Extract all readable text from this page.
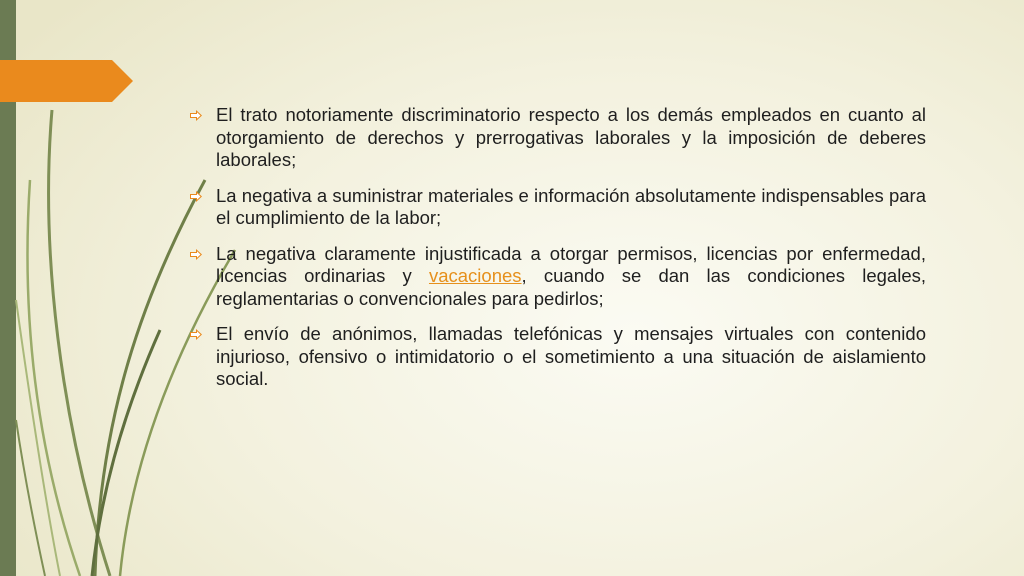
El trato notoriamente discriminatorio respecto a los demás empleados en cuanto al otorgamiento de derechos y prerrogativas laborales y la imposición de deberes laborales;
La negativa a suministrar materiales e información absolutamente indispensables para el cumplimiento de la labor;
La negativa claramente injustificada a otorgar permisos, licencias por enfermedad, licencias ordinarias y vacaciones, cuando se dan las condiciones legales, reglamentarias o convencionales para pedirlos;
El envío de anónimos, llamadas telefónicas y mensajes virtuales con contenido injurioso, ofensivo o intimidatorio o el sometimiento a una situación de aislamiento social.
